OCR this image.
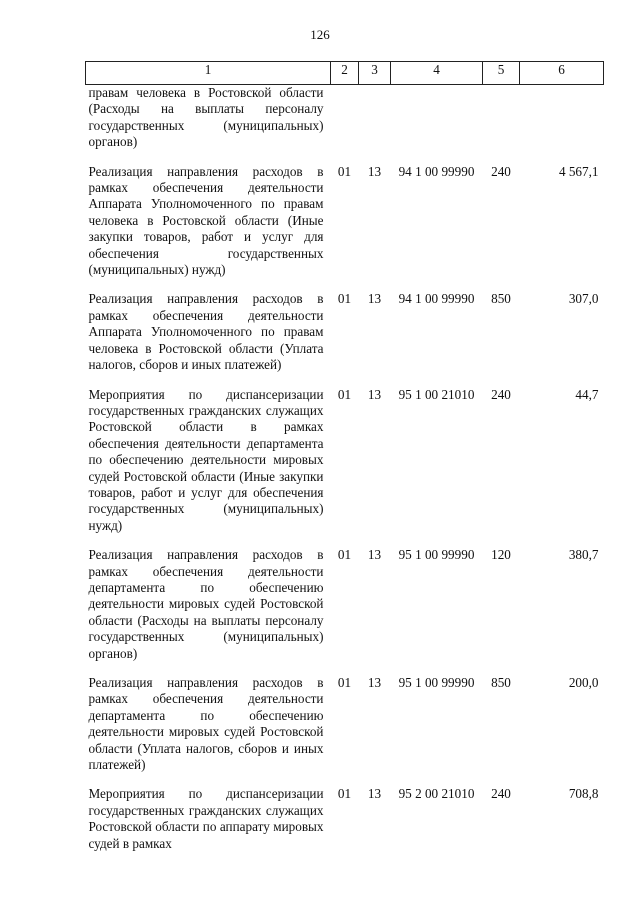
126
1	2	3	4	5	6

правам человека в Ростовской области (Расходы на выплаты персоналу государственных (муниципальных) органов)					

Реализация направления расходов в рамках обеспечения деятельности Аппарата Уполномоченного по правам человека в Ростовской области (Иные закупки товаров, работ и услуг для обеспечения государственных (муниципальных) нужд)	01	13	94 1 00 99990	240	4 567,1

Реализация направления расходов в рамках обеспечения деятельности Аппарата Уполномоченного по правам человека в Ростовской области (Уплата налогов, сборов и иных платежей)	01	13	94 1 00 99990	850	307,0

Мероприятия по диспансеризации государственных гражданских служащих Ростовской области в рамках обеспечения деятельности департамента по обеспечению деятельности мировых судей Ростовской области (Иные закупки товаров, работ и услуг для обеспечения государственных (муниципальных) нужд)	01	13	95 1 00 21010	240	44,7

Реализация направления расходов в рамках обеспечения деятельности департамента по обеспечению деятельности мировых судей Ростовской области (Расходы на выплаты персоналу государственных (муниципальных) органов)	01	13	95 1 00 99990	120	380,7

Реализация направления расходов в рамках обеспечения деятельности департамента по обеспечению деятельности мировых судей Ростовской области (Уплата налогов, сборов и иных платежей)	01	13	95 1 00 99990	850	200,0

Мероприятия по диспансеризации государственных гражданских служащих Ростовской области по аппарату мировых судей в рамках	01	13	95 2 00 21010	240	708,8
